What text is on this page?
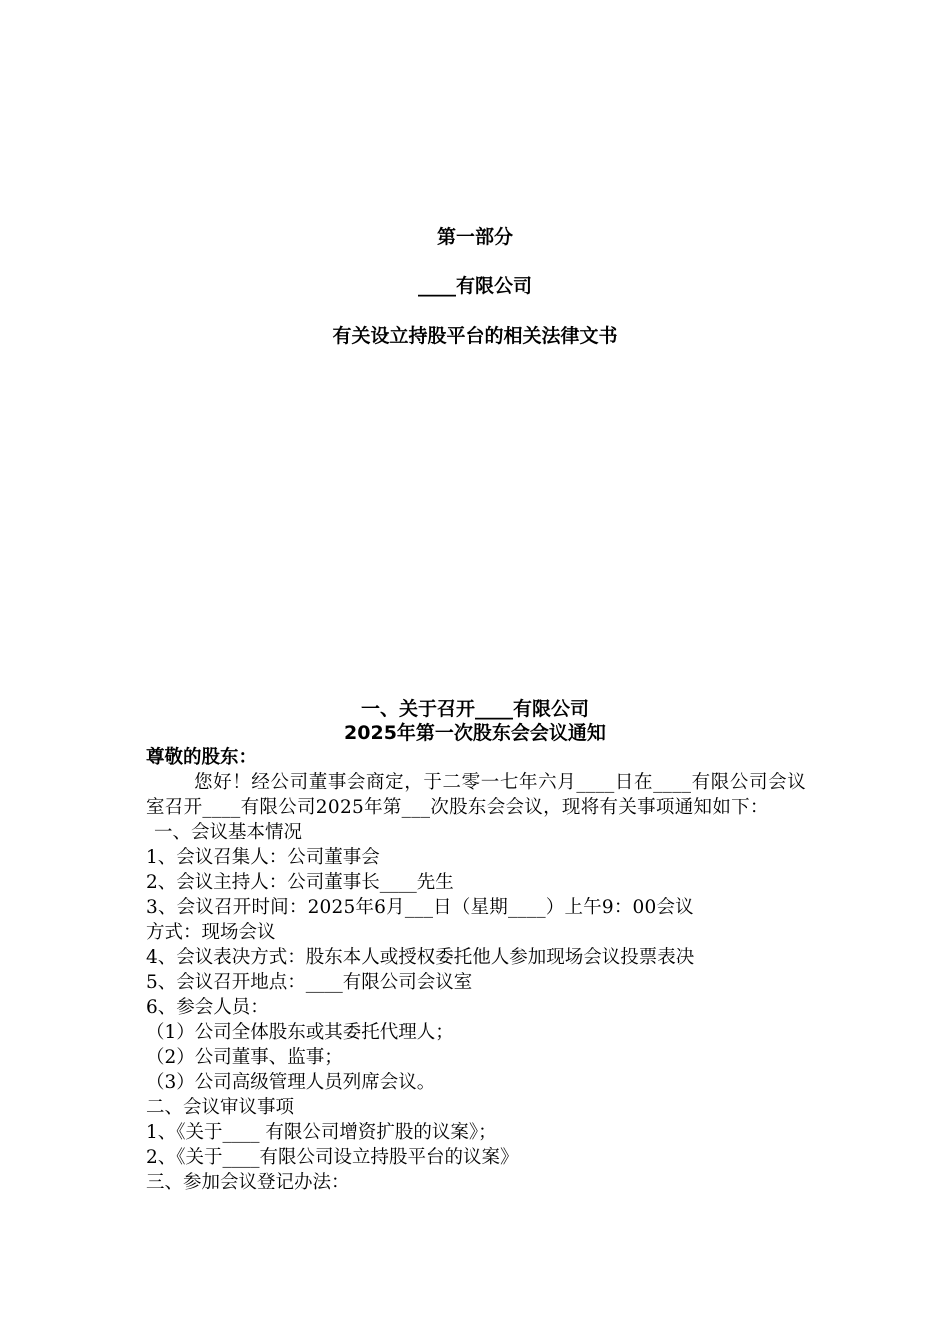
第一部分
____有限公司
有关设立持股平台的相关法律文书
一、关于召开____有限公司
2025年第一次股东会会议通知
尊敬的股东：
您好！经公司董事会商定，于二零一七年六月____日在____有限公司会议室召开____有限公司2025年第___次股东会会议，现将有关事项通知如下：
一、会议基本情况
1、会议召集人：公司董事会
2、会议主持人：公司董事长____先生
3、会议召开时间：2025年6月___日（星期____）上午9：00会议
方式：现场会议
4、会议表决方式：股东本人或授权委托他人参加现场会议投票表决
5、会议召开地点：____有限公司会议室
6、参会人员：
（1）公司全体股东或其委托代理人；
（2）公司董事、监事；
（3）公司高级管理人员列席会议。
二、会议审议事项
1、《关于____ 有限公司增资扩股的议案》；
2、《关于____有限公司设立持股平台的议案》
三、参加会议登记办法：
